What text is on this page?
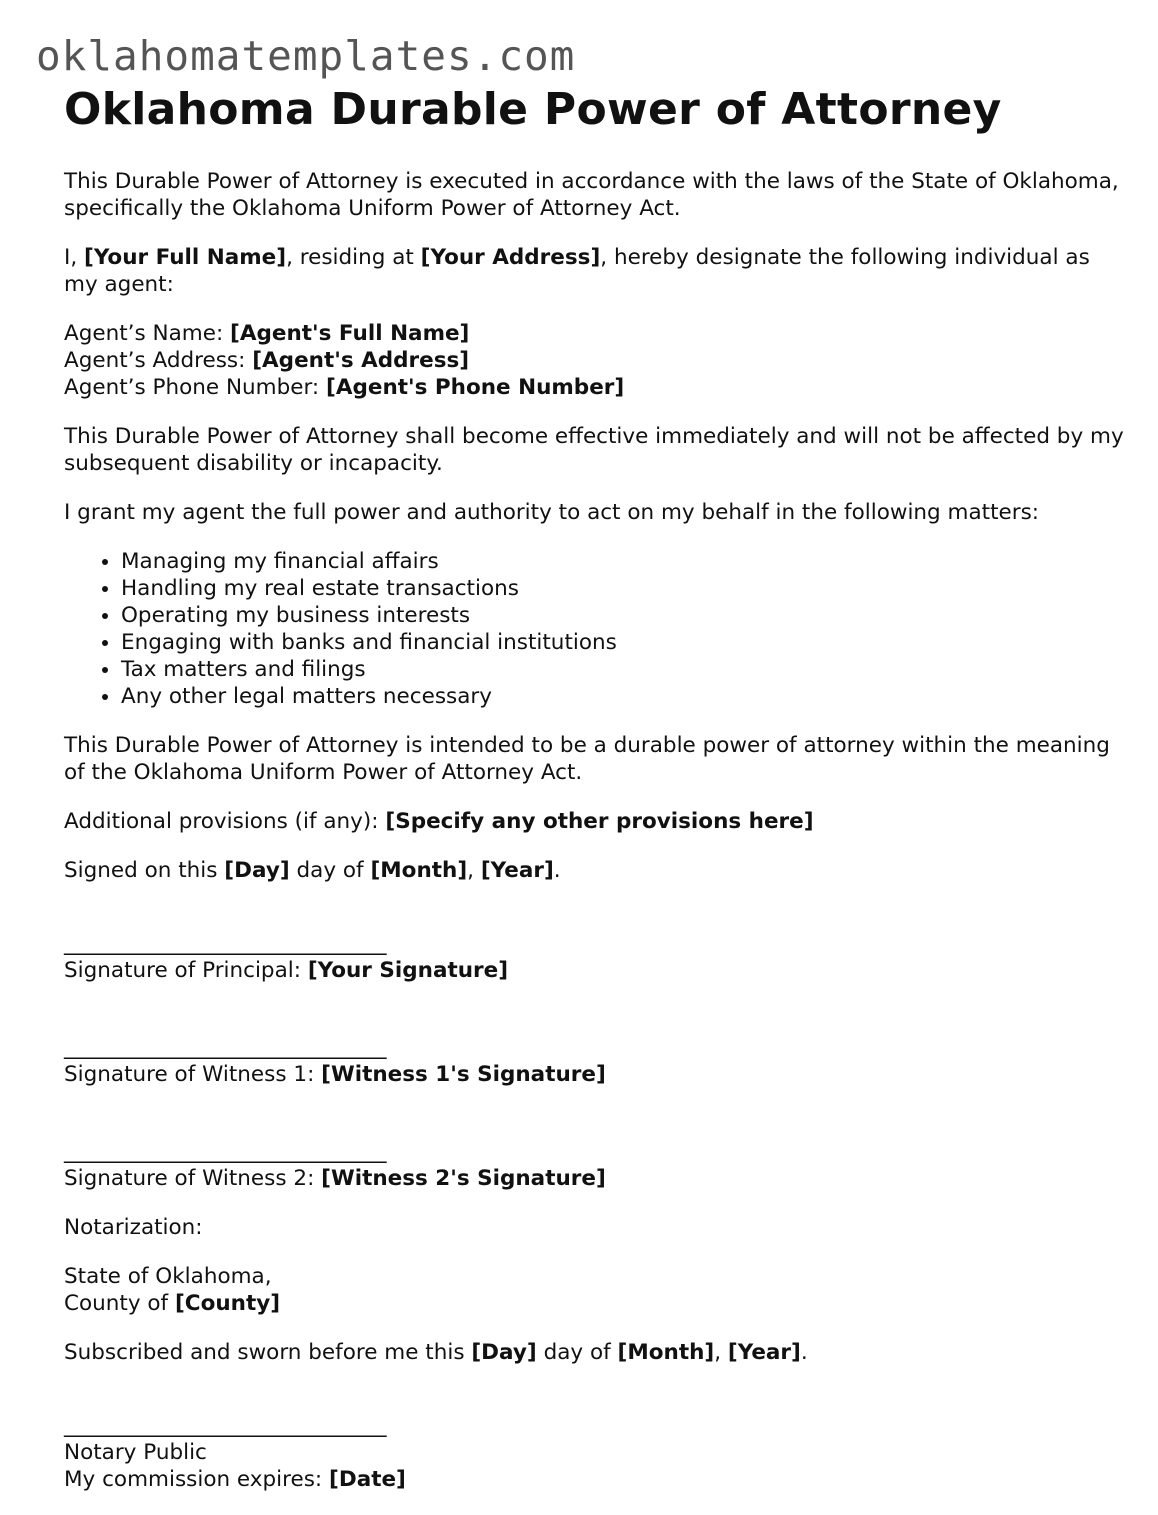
oklahomatemplates.com
Oklahoma Durable Power of Attorney

This Durable Power of Attorney is executed in accordance with the laws of the State of Oklahoma, specifically the Oklahoma Uniform Power of Attorney Act.

I, [Your Full Name], residing at [Your Address], hereby designate the following individual as my agent:

Agent’s Name: [Agent's Full Name]
Agent’s Address: [Agent's Address]
Agent’s Phone Number: [Agent's Phone Number]

This Durable Power of Attorney shall become effective immediately and will not be affected by my subsequent disability or incapacity.

I grant my agent the full power and authority to act on my behalf in the following matters:

• Managing my financial affairs
• Handling my real estate transactions
• Operating my business interests
• Engaging with banks and financial institutions
• Tax matters and filings
• Any other legal matters necessary

This Durable Power of Attorney is intended to be a durable power of attorney within the meaning of the Oklahoma Uniform Power of Attorney Act.

Additional provisions (if any): [Specify any other provisions here]

Signed on this [Day] day of [Month], [Year].

______________________________
Signature of Principal: [Your Signature]

______________________________
Signature of Witness 1: [Witness 1's Signature]

______________________________
Signature of Witness 2: [Witness 2's Signature]

Notarization:

State of Oklahoma,
County of [County]

Subscribed and sworn before me this [Day] day of [Month], [Year].

______________________________
Notary Public
My commission expires: [Date]
